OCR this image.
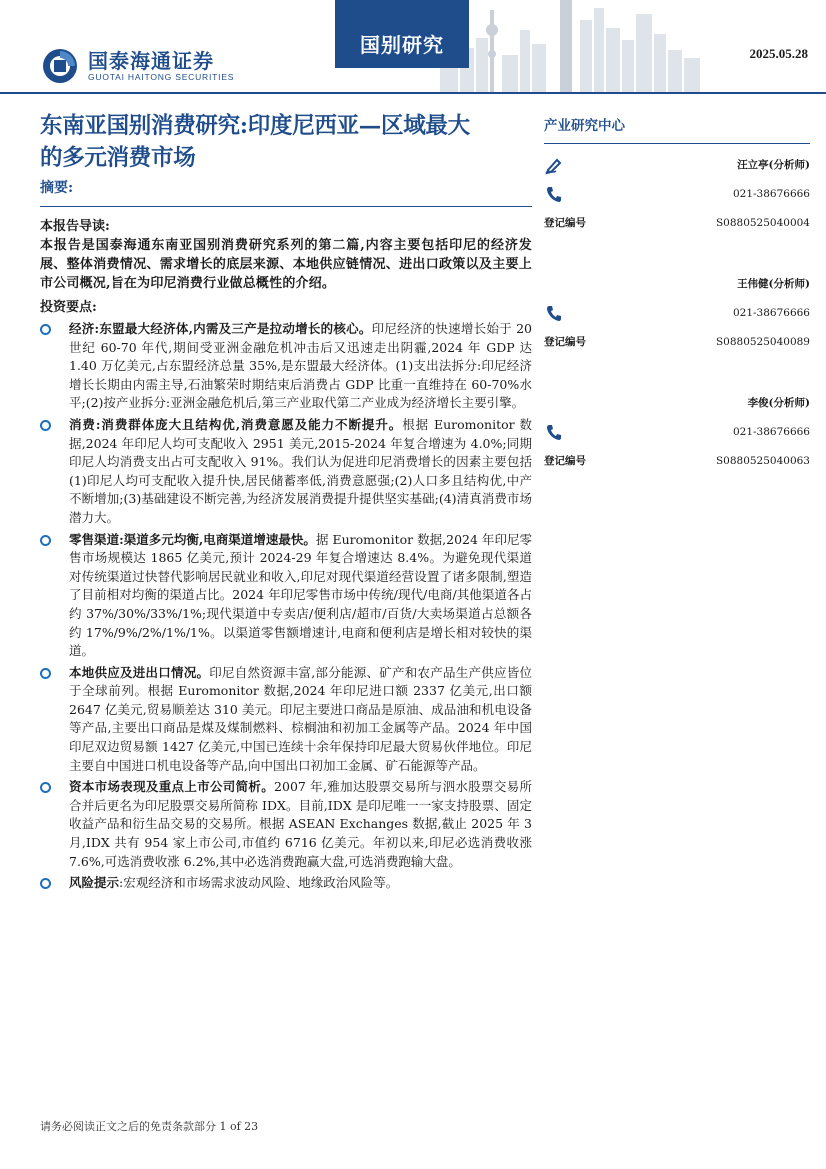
国泰海通证券
GUOTAI HAITONG SECURITIES
国别研究	2025.05.28
东南亚国别消费研究:印度尼西亚—区域最大
的多元消费市场
摘要:
本报告导读:
本报告是国泰海通东南亚国别消费研究系列的第二篇,内容主要包括印尼的经济发展、整体消费情况、需求增长的底层来源、本地供应链情况、进出口政策以及主要上市公司概况,旨在为印尼消费行业做总概性的介绍。
投资要点:
经济:东盟最大经济体,内需及三产是拉动增长的核心。印尼经济的快速增长始于 20 世纪 60-70 年代,期间受亚洲金融危机冲击后又迅速走出阴霾,2024 年 GDP 达 1.40 万亿美元,占东盟经济总量 35%,是东盟最大经济体。(1)支出法拆分:印尼经济增长长期由内需主导,石油繁荣时期结束后消费占 GDP 比重一直维持在 60-70%水平;(2)按产业拆分:亚洲金融危机后,第三产业取代第二产业成为经济增长主要引擎。
消费:消费群体庞大且结构优,消费意愿及能力不断提升。根据 Euromonitor 数据,2024 年印尼人均可支配收入 2951 美元,2015-2024 年复合增速为 4.0%;同期印尼人均消费支出占可支配收入 91%。我们认为促进印尼消费增长的因素主要包括(1)印尼人均可支配收入提升快,居民储蓄率低,消费意愿强;(2)人口多且结构优,中产不断增加;(3)基础建设不断完善,为经济发展消费提升提供坚实基础;(4)清真消费市场潜力大。
零售渠道:渠道多元均衡,电商渠道增速最快。据 Euromonitor 数据,2024 年印尼零售市场规模达 1865 亿美元,预计 2024-29 年复合增速达 8.4%。为避免现代渠道对传统渠道过快替代影响居民就业和收入,印尼对现代渠道经营设置了诸多限制,塑造了目前相对均衡的渠道占比。2024 年印尼零售市场中传统/现代/电商/其他渠道各占约 37%/30%/33%/1%;现代渠道中专卖店/便利店/超市/百货/大卖场渠道占总额各约 17%/9%/2%/1%/1%。以渠道零售额增速计,电商和便利店是增长相对较快的渠道。
本地供应及进出口情况。印尼自然资源丰富,部分能源、矿产和农产品生产供应皆位于全球前列。根据 Euromonitor 数据,2024 年印尼进口额 2337 亿美元,出口额 2647 亿美元,贸易顺差达 310 美元。印尼主要进口商品是原油、成品油和机电设备等产品,主要出口商品是煤及煤制燃料、棕榈油和初加工金属等产品。2024 年中国印尼双边贸易额 1427 亿美元,中国已连续十余年保持印尼最大贸易伙伴地位。印尼主要自中国进口机电设备等产品,向中国出口初加工金属、矿石能源等产品。
资本市场表现及重点上市公司简析。2007 年,雅加达股票交易所与泗水股票交易所合并后更名为印尼股票交易所简称 IDX。目前,IDX 是印尼唯一一家支持股票、固定收益产品和衍生品交易的交易所。根据 ASEAN Exchanges 数据,截止 2025 年 3 月,IDX 共有 954 家上市公司,市值约 6716 亿美元。年初以来,印尼必选消费收涨 7.6%,可选消费收涨 6.2%,其中必选消费跑赢大盘,可选消费跑输大盘。
风险提示:宏观经济和市场需求波动风险、地缘政治风险等。
产业研究中心
汪立亭(分析师)
021-38676666
登记编号	S0880525040004
王伟健(分析师)
021-38676666
登记编号	S0880525040089
李俊(分析师)
021-38676666
登记编号	S0880525040063
请务必阅读正文之后的免责条款部分 1 of 23
